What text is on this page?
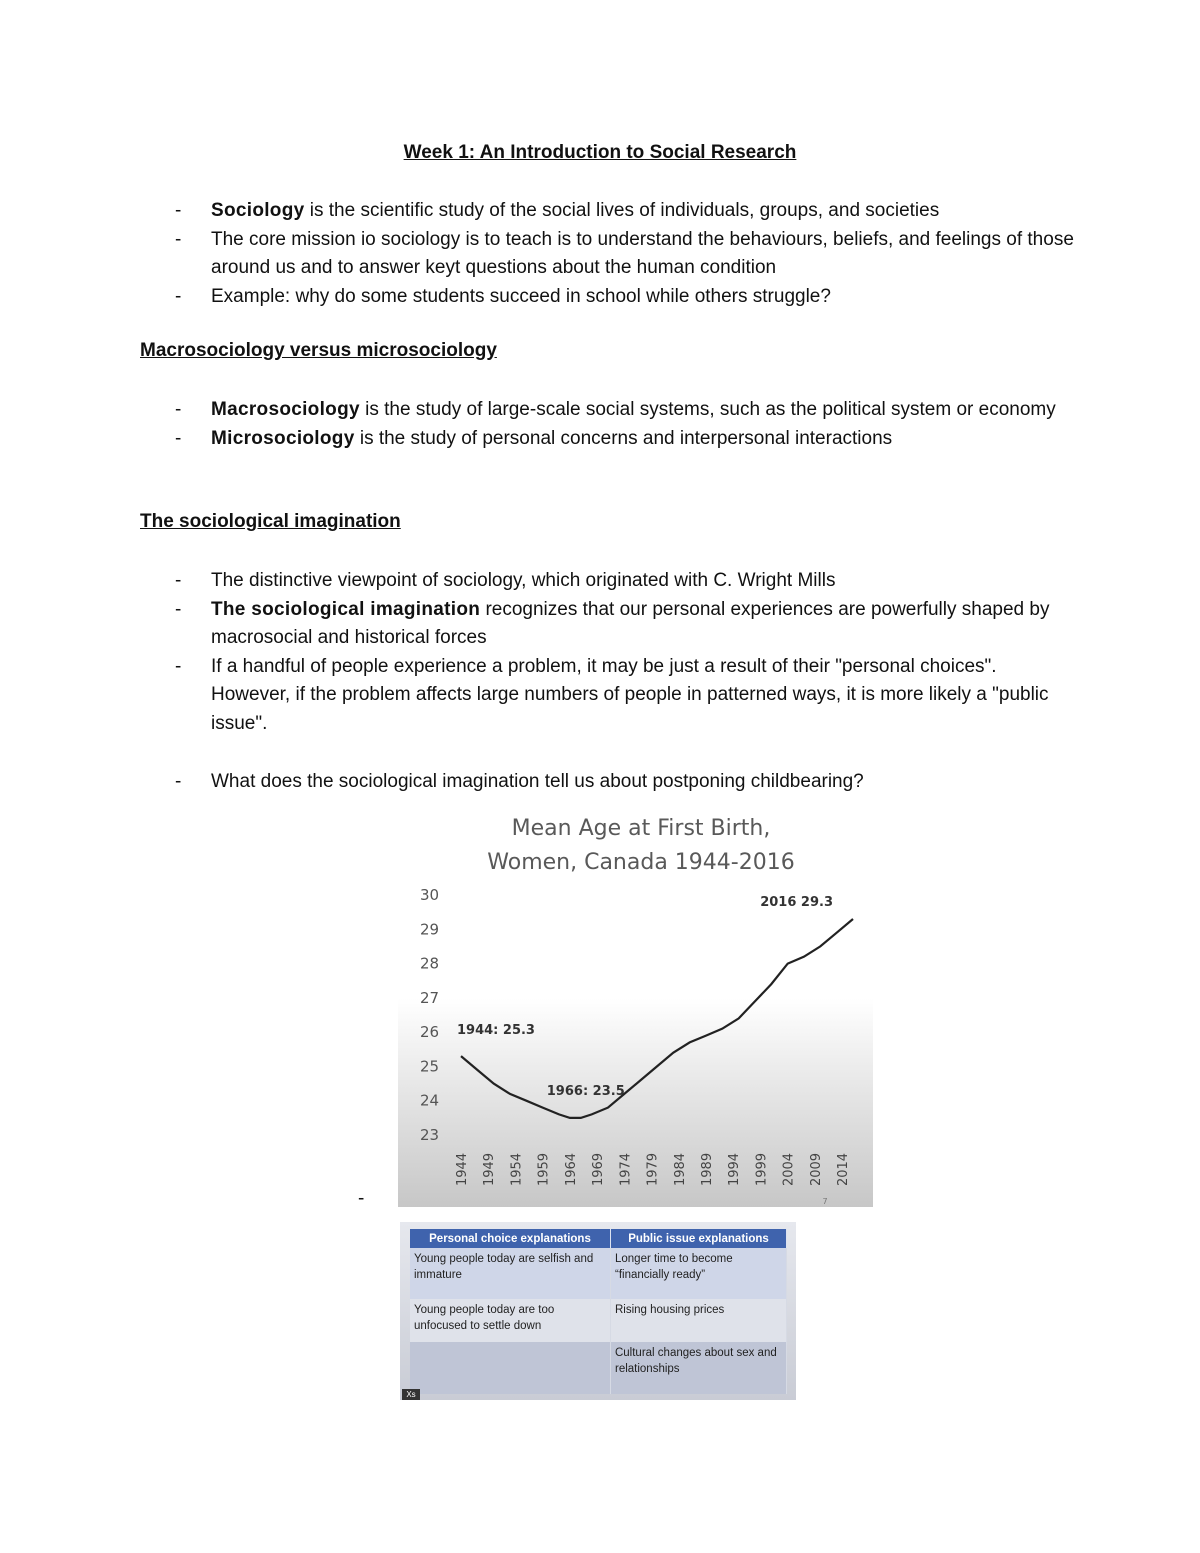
Week 1: An Introduction to Social Research
- Sociology is the scientific study of the social lives of individuals, groups, and societies
- The core mission io sociology is to teach is to understand the behaviours, beliefs, and feelings of those around us and to answer keyt questions about the human condition
- Example: why do some students succeed in school while others struggle?
Macrosociology versus microsociology
- Macrosociology is the study of large-scale social systems, such as the political system or economy
- Microsociology is the study of personal concerns and interpersonal interactions
The sociological imagination
- The distinctive viewpoint of sociology, which originated with C. Wright Mills
- The sociological imagination recognizes that our personal experiences are powerfully shaped by macrosocial and historical forces
- If a handful of people experience a problem, it may be just a result of their "personal choices". However, if the problem affects large numbers of people in patterned ways, it is more likely a "public issue".
- What does the sociological imagination tell us about postponing childbearing?
Mean Age at First Birth,
Women, Canada 1944-2016
30
29
28
27
26
25
24
23
1944 1949 1954 1959 1964 1969 1974 1979 1984 1989 1994 1999 2004 2009 2014
1944: 25.3
1966: 23.5
2016 29.3
7
-
Personal choice explanations	Public issue explanations
Young people today are selfish and immature	Longer time to become “financially ready”
Young people today are too unfocused to settle down	Rising housing prices
	Cultural changes about sex and relationships
Xs
